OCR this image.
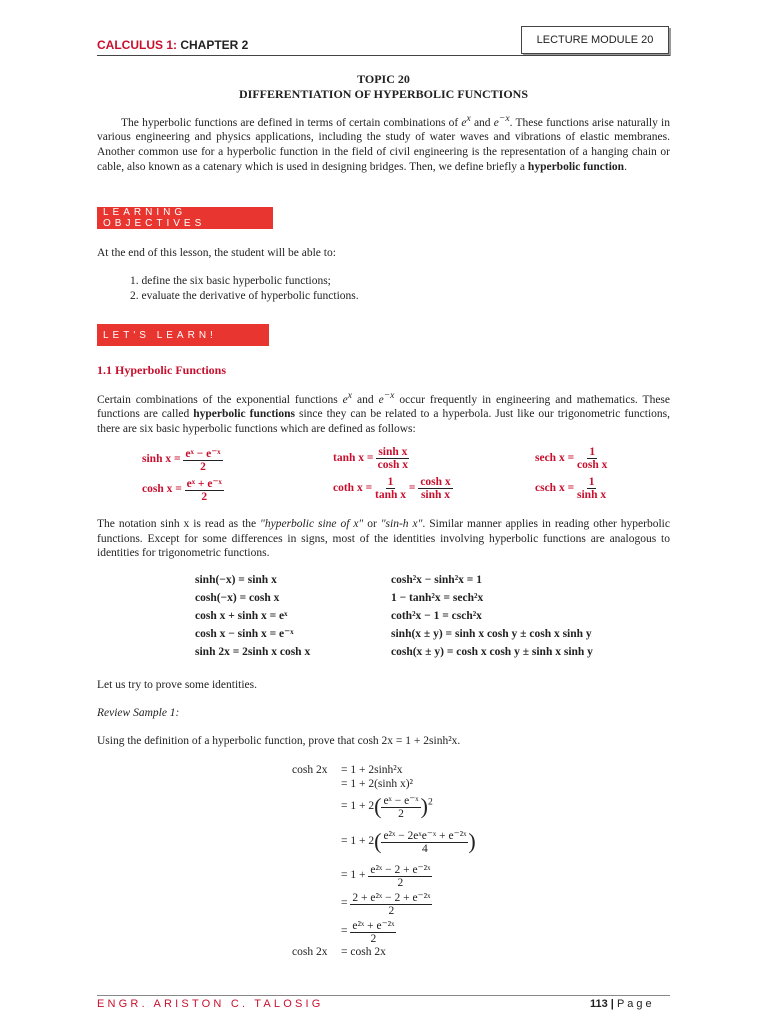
CALCULUS 1: CHAPTER 2	LECTURE MODULE 20
TOPIC 20
DIFFERENTIATION OF HYPERBOLIC FUNCTIONS
The hyperbolic functions are defined in terms of certain combinations of $e^x$ and $e^{-x}$. These functions arise naturally in various engineering and physics applications, including the study of water waves and vibrations of elastic membranes. Another common use for a hyperbolic function in the field of civil engineering is the representation of a hanging chain or cable, also known as a catenary which is used in designing bridges. Then, we define briefly a hyperbolic function.
LEARNING OBJECTIVES
At the end of this lesson, the student will be able to:
1. define the six basic hyperbolic functions;
2. evaluate the derivative of hyperbolic functions.
LET'S LEARN!
1.1 Hyperbolic Functions
Certain combinations of the exponential functions $e^x$ and $e^{-x}$ occur frequently in engineering and mathematics. These functions are called hyperbolic functions since they can be related to a hyperbola. Just like our trigonometric functions, there are six basic hyperbolic functions which are defined as follows:
$\sinh x = \frac{\text{eˣ − e⁻ˣ}}{2}$
$\cosh x = \frac{\text{eˣ + e⁻ˣ}}{2}$
$\tanh x = \frac{\text{sinh x}}{\text{cosh x}}$
coth $x = \frac{1}{\text{tanh x}} = \frac{\text{cosh x}}{\text{sinh x}}$
sech $x = \frac{1}{\text{cosh x}}$
csch $x = \frac{1}{\text{sinh x}}$
The notation sinh x is read as the "hyperbolic sine of x" or "sin-h x". Similar manner applies in reading other hyperbolic functions. Except for some differences in signs, most of the identities involving hyperbolic functions are analogous to identities for trigonometric functions.
sinh(−x) = sinh x
cosh(−x) = cosh x
cosh x + sinh x = eˣ
cosh x − sinh x = e⁻ˣ
sinh 2x = 2sinh x cosh x
cosh²x − sinh²x = 1
1 − tanh²x = sech²x
coth²x − 1 = csch²x
sinh(x ± y) = sinh x cosh y ± cosh x sinh y
cosh(x ± y) = cosh x cosh y ± sinh x sinh y
Let us try to prove some identities.
Review Sample 1:
Using the definition of a hyperbolic function, prove that cosh 2x = 1 + 2sinh²x.
cosh 2x = 1 + 2sinh²x
= 1 + 2(sinh x)²
= $1 + 2( \frac{\text{eˣ − e⁻ˣ}}{2} )^2$
= $1 + 2( \frac{\text{e²ˣ − 2eˣe⁻ˣ + e⁻²ˣ}}{4}$ )
= $1 + \frac{\text{e²ˣ − 2 + e⁻²ˣ}}{2}$
= $\frac{\text{2 + e²ˣ − 2 + e⁻²ˣ}}{2}$
= $\frac{\text{e²ˣ + e⁻²ˣ}}{2}$
cosh 2x = cosh 2x
ENGR. ARISTON C. TALOSIG	113 | Page
